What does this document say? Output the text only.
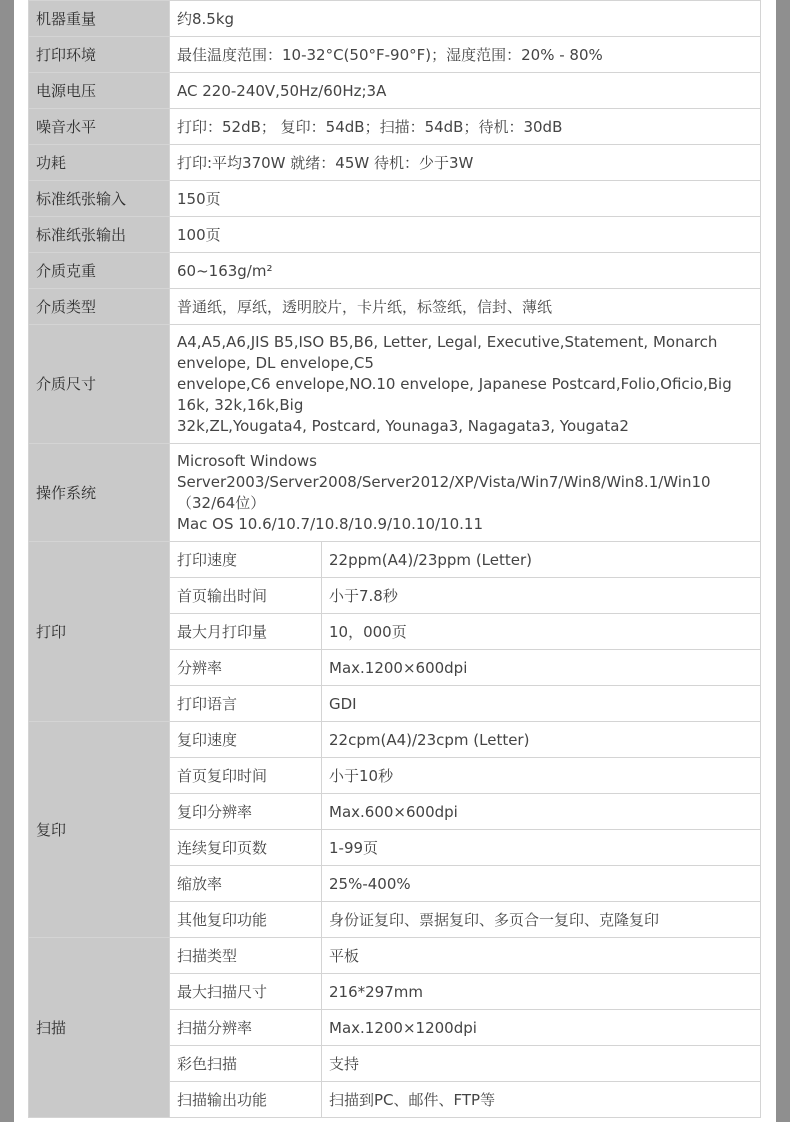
机器重量	约8.5kg	
打印环境	最佳温度范围：10-32°C(50°F-90°F)；湿度范围：20% - 80%	
电源电压	AC 220-240V,50Hz/60Hz;3A	
噪音水平	打印：52dB； 复印：54dB；扫描：54dB；待机：30dB	
功耗	打印:平均370W 就绪：45W 待机：少于3W	
标准纸张输入	150页	
标准纸张输出	100页	
介质克重	60~163g/m²	
介质类型	普通纸，厚纸，透明胶片，卡片纸，标签纸，信封、薄纸	
介质尺寸	A4,A5,A6,JIS B5,ISO B5,B6, Letter, Legal, Executive,Statement, Monarch envelope, DL envelope,C5
envelope,C6 envelope,NO.10 envelope, Japanese Postcard,Folio,Oficio,Big 16k, 32k,16k,Big
32k,ZL,Yougata4, Postcard, Younaga3, Nagagata3, Yougata2	

操作系统	Microsoft Windows Server2003/Server2008/Server2012/XP/Vista/Win7/Win8/Win8.1/Win10（32/64位）
Mac OS 10.6/10.7/10.8/10.9/10.10/10.11	

打印	打印速度	22ppm(A4)/23ppm (Letter)
	首页输出时间	小于7.8秒
	最大月打印量	10，000页
	分辨率	Max.1200×600dpi
	打印语言	GDI
复印	复印速度	22cpm(A4)/23cpm (Letter)
	首页复印时间	小于10秒
	复印分辨率	Max.600×600dpi
	连续复印页数	1-99页
	缩放率	25%-400%
	其他复印功能	身份证复印、票据复印、多页合一复印、克隆复印
扫描	扫描类型	平板
	最大扫描尺寸	216*297mm
	扫描分辨率	Max.1200×1200dpi
	彩色扫描	支持
	扫描输出功能	扫描到PC、邮件、FTP等
